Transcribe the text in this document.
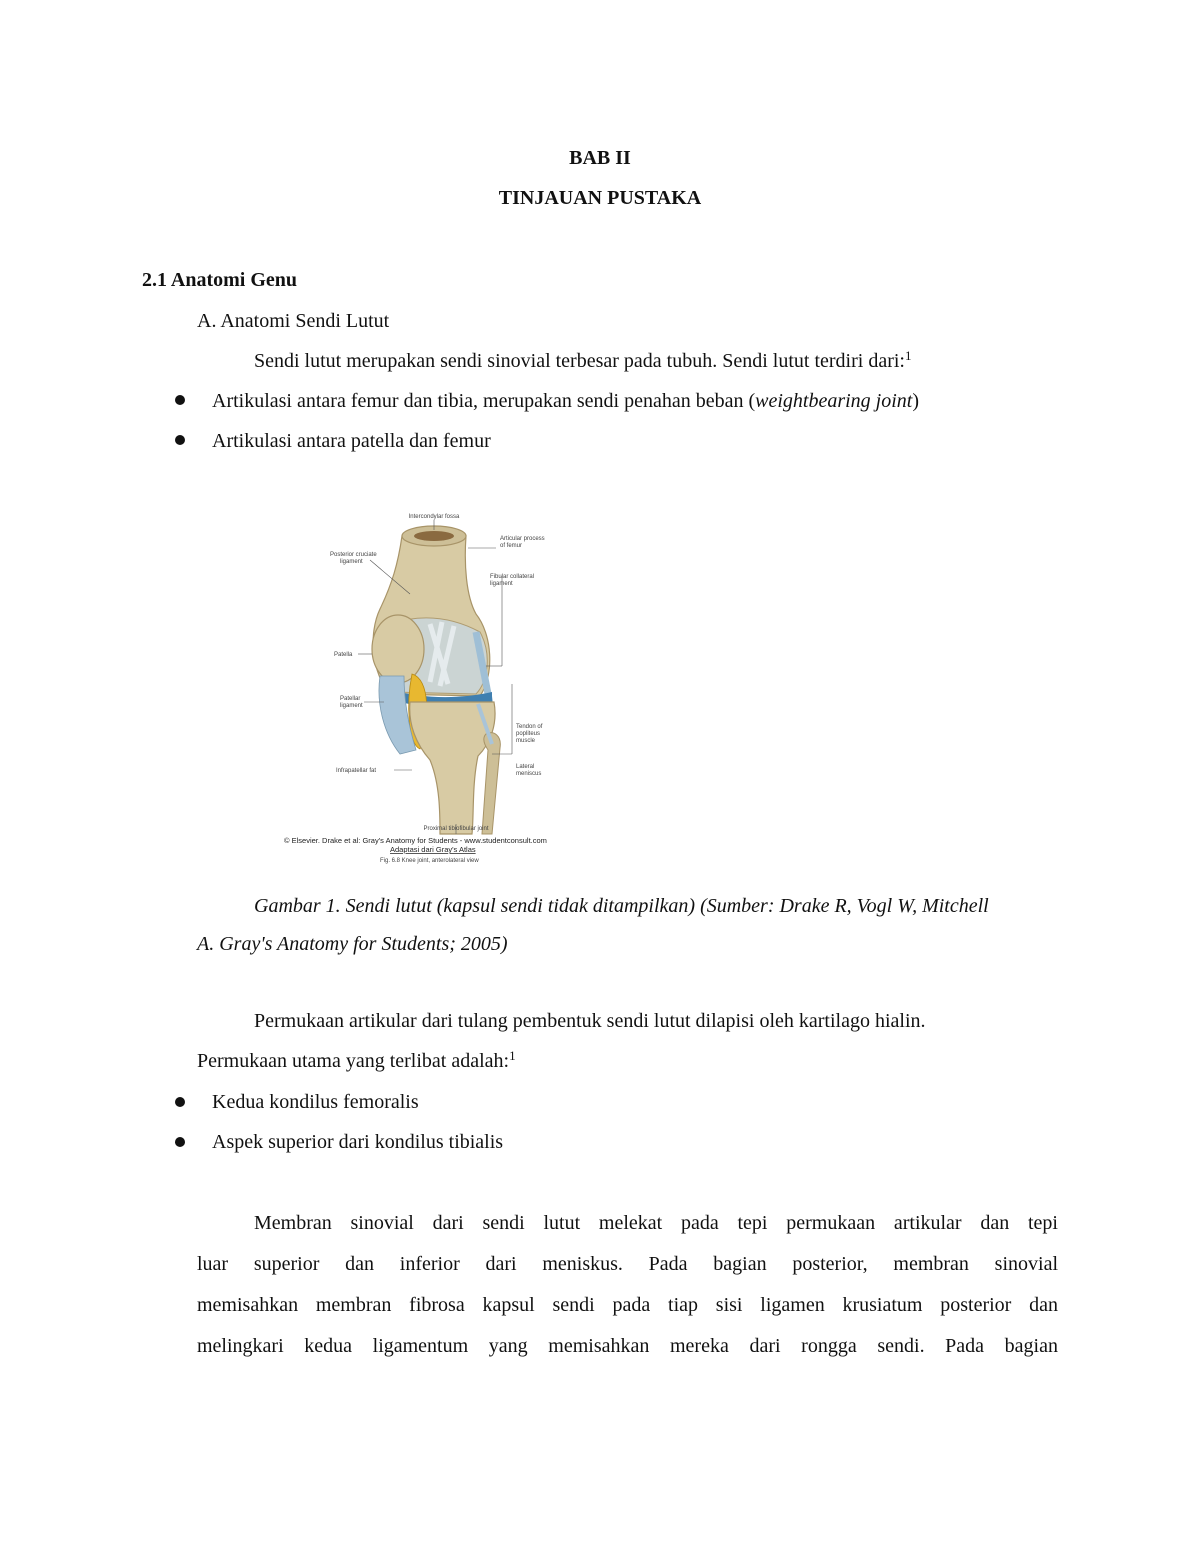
BAB II
TINJAUAN PUSTAKA
2.1 Anatomi Genu
A. Anatomi Sendi Lutut
Sendi lutut merupakan sendi sinovial terbesar pada tubuh. Sendi lutut terdiri dari:$^1$
Artikulasi antara femur dan tibia, merupakan sendi penahan beban (weightbearing joint)
Artikulasi antara patella dan femur
Intercondylar fossa
Posterior cruciate
ligament
Articular process
of femur
Fibular collateral
ligament
Patella
Patellar
ligament
Tendon of
popliteus
muscle
Lateral
meniscus
Infrapatellar fat
Proximal tibiofibular joint
© Elsevier. Drake et al: Gray's Anatomy for Students - www.studentconsult.com
Adaptasi dari Gray's Atlas
Fig. 6.8 Knee joint, anterolateral view
Gambar 1. Sendi lutut (kapsul sendi tidak ditampilkan) (Sumber: Drake R, Vogl W, Mitchell
A. Gray's Anatomy for Students; 2005)
Permukaan artikular dari tulang pembentuk sendi lutut dilapisi oleh kartilago hialin.
Permukaan utama yang terlibat adalah:$^1$
Kedua kondilus femoralis
Aspek superior dari kondilus tibialis
Membran sinovial dari sendi lutut melekat pada tepi permukaan artikular dan tepi
luar superior dan inferior dari meniskus. Pada bagian posterior, membran sinovial
memisahkan membran fibrosa kapsul sendi pada tiap sisi ligamen krusiatum posterior dan
melingkari kedua ligamentum yang memisahkan mereka dari rongga sendi. Pada bagian
